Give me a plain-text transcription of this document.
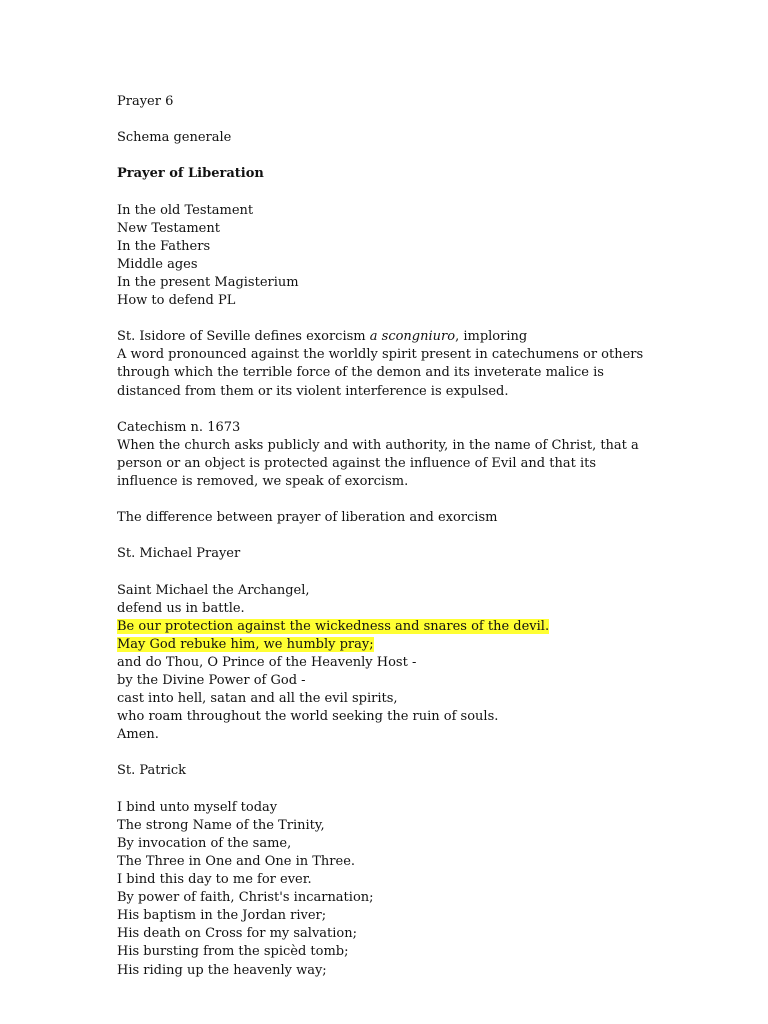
Prayer 6
Schema generale
Prayer of Liberation
In the old Testament
New Testament
In the Fathers
Middle ages
In the present Magisterium
How to defend PL
St. Isidore of Seville defines exorcism a scongniuro, imploring
A word pronounced against the worldly spirit present in catechumens or others
through which the terrible force of the demon and its inveterate malice is
distanced from them or its violent interference is expulsed.
Catechism n. 1673
When the church asks publicly and with authority, in the name of Christ, that a
person or an object is protected against the influence of Evil and that its
influence is removed, we speak of exorcism.
The difference between prayer of liberation and exorcism
St. Michael Prayer
Saint Michael the Archangel,
defend us in battle.
Be our protection against the wickedness and snares of the devil.
May God rebuke him, we humbly pray;
and do Thou, O Prince of the Heavenly Host -
by the Divine Power of God -
cast into hell, satan and all the evil spirits,
who roam throughout the world seeking the ruin of souls.
Amen.
St. Patrick
I bind unto myself today
The strong Name of the Trinity,
By invocation of the same,
The Three in One and One in Three.
I bind this day to me for ever.
By power of faith, Christ's incarnation;
His baptism in the Jordan river;
His death on Cross for my salvation;
His bursting from the spicèd tomb;
His riding up the heavenly way;
